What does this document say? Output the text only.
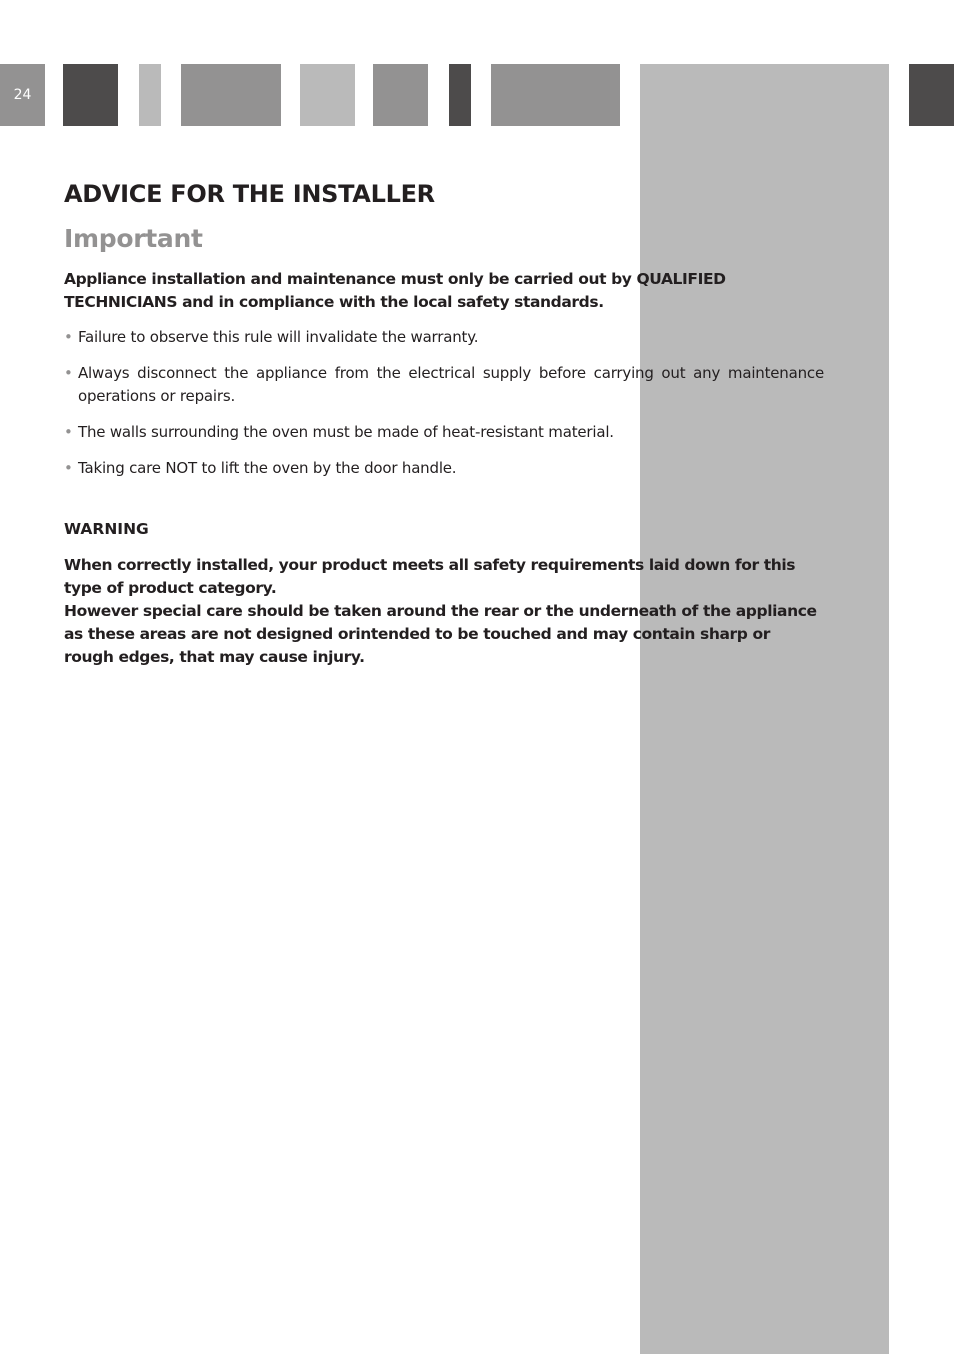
24
ADVICE FOR THE INSTALLER
Important

Appliance installation and maintenance must only be carried out by QUALIFIED TECHNICIANS and in compliance with the local safety standards.

• Failure to observe this rule will invalidate the warranty.
• Always disconnect the appliance from the electrical supply before carrying out any maintenance operations or repairs.
• The walls surrounding the oven must be made of heat-resistant material.
• Taking care NOT to lift the oven by the door handle.
WARNING

When correctly installed, your product meets all safety requirements laid down for this type of product category.

However special care should be taken around the rear or the underneath of the appliance as these areas are not designed orintended to be touched and may contain sharp or rough edges, that may cause injury.
